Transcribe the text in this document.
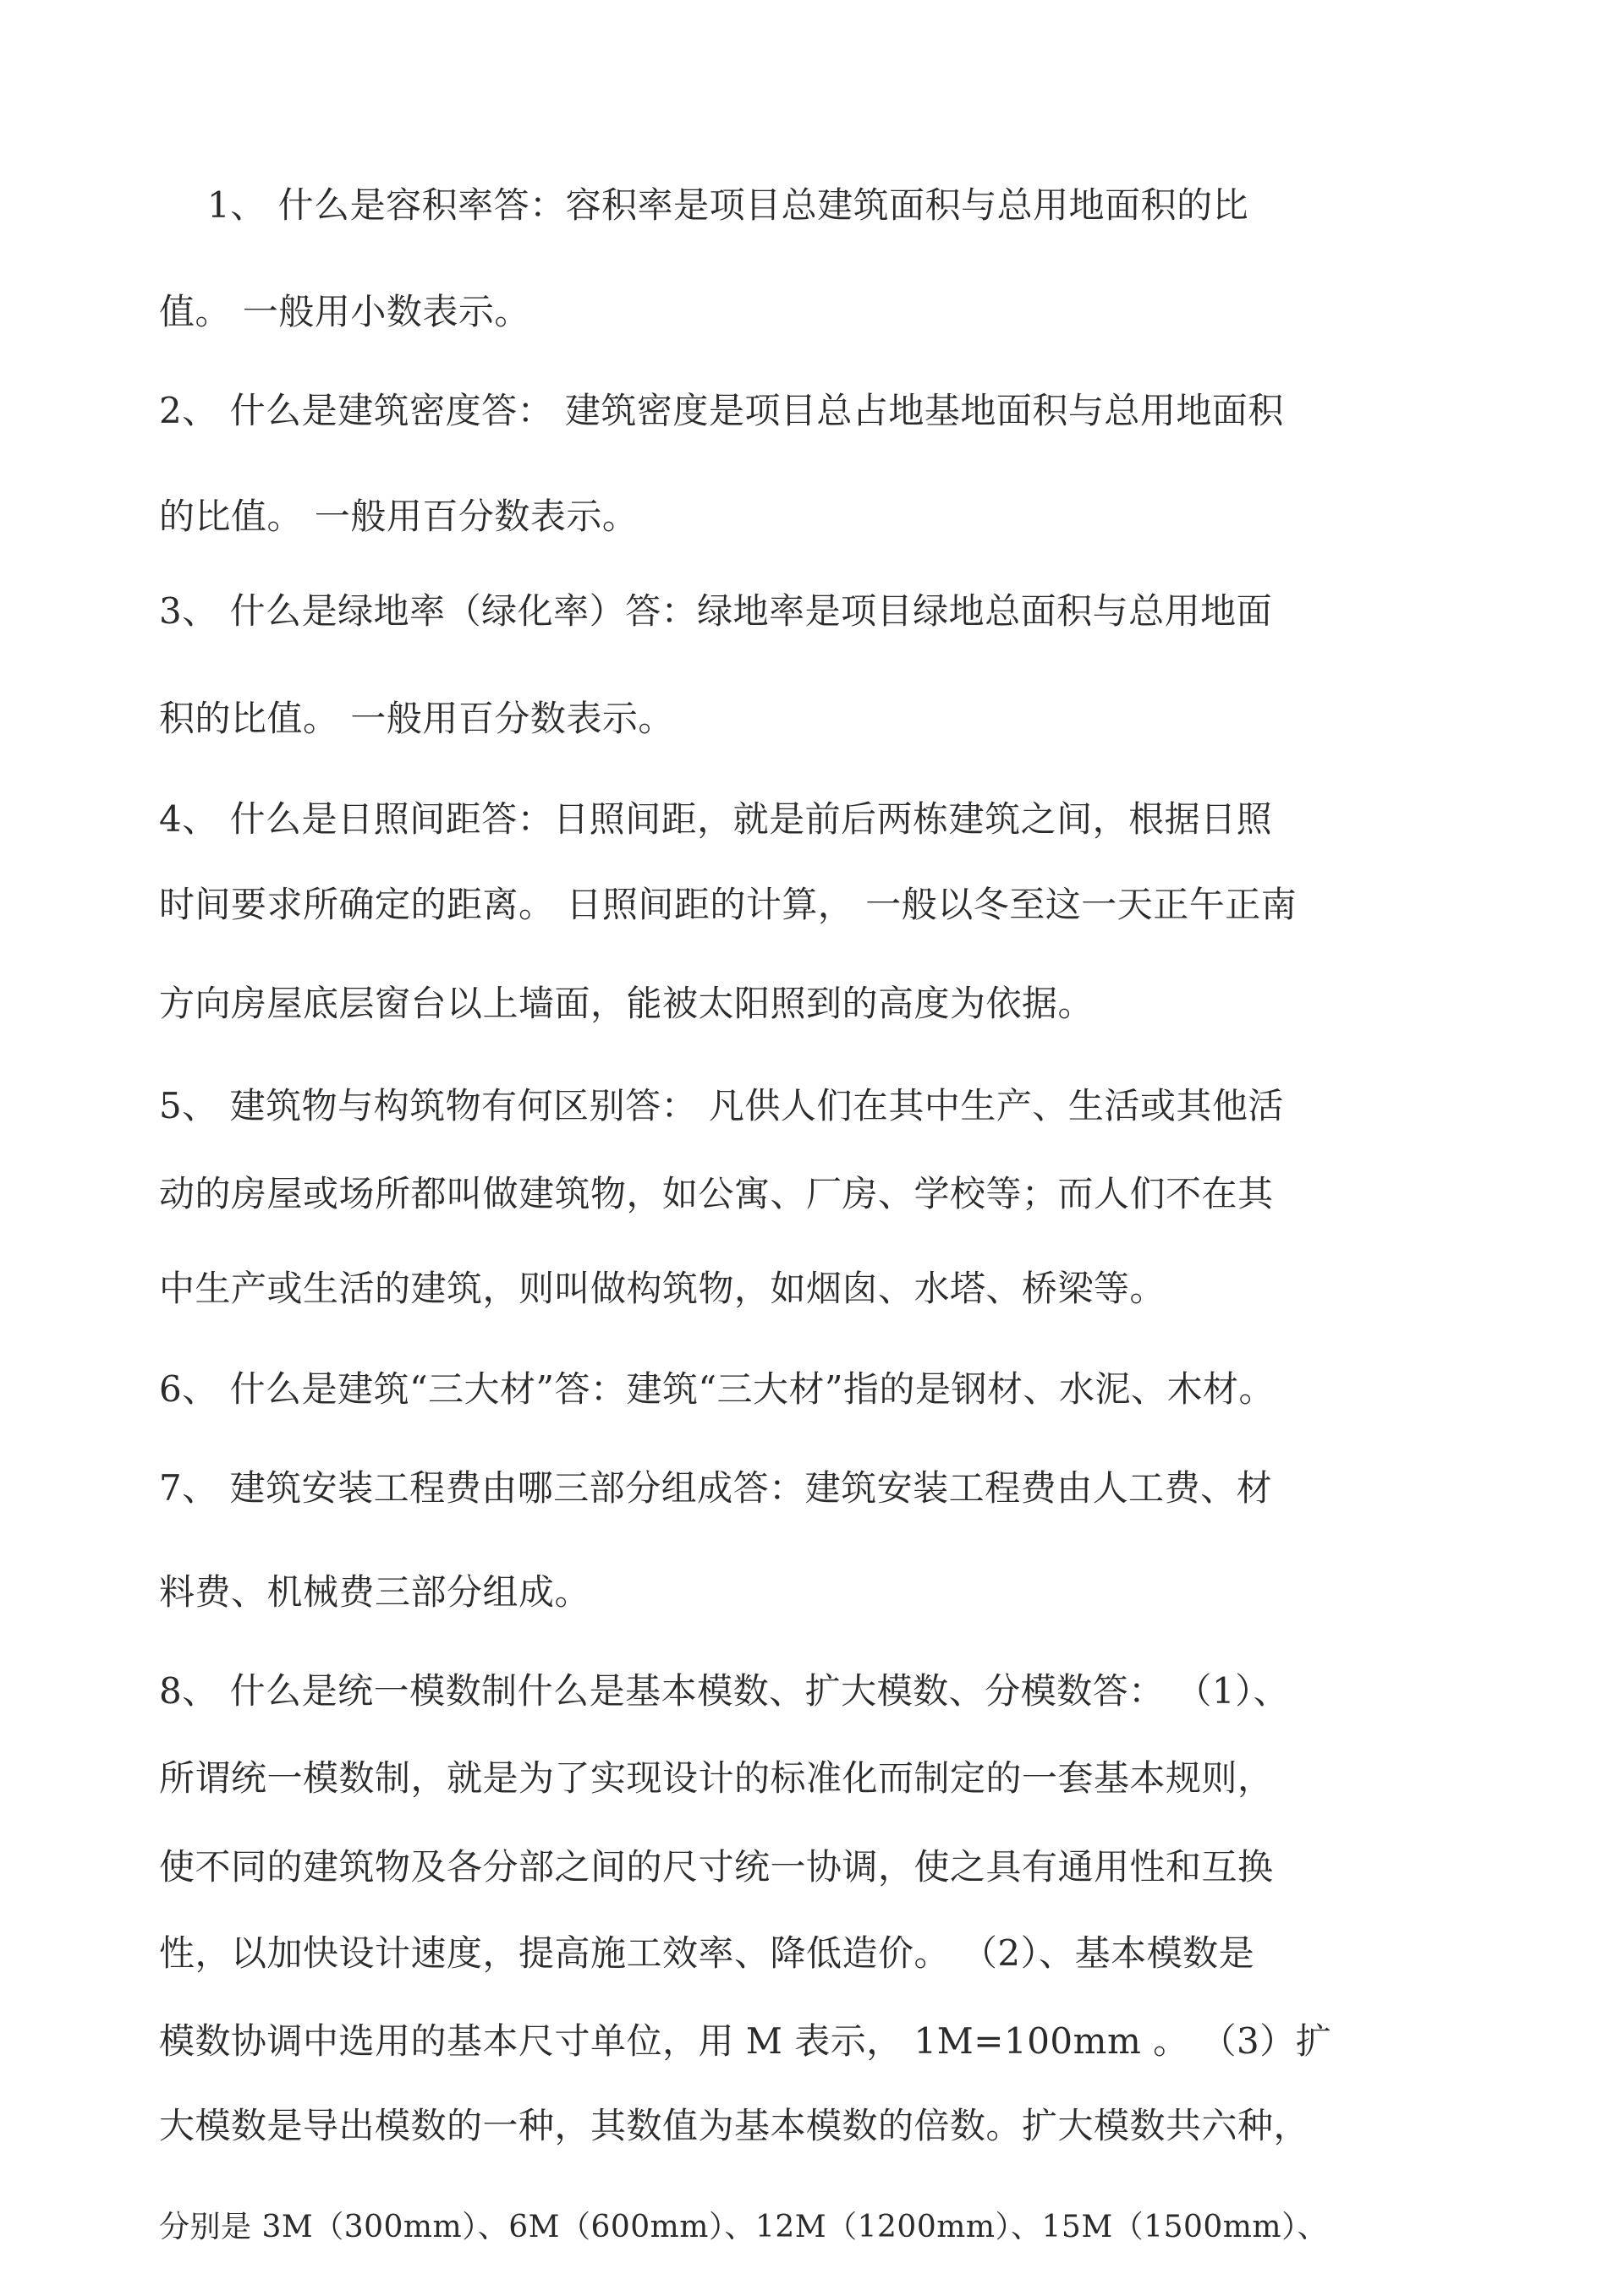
1、 什么是容积率答：容积率是项目总建筑面积与总用地面积的比
值。 一般用小数表示。
2、 什么是建筑密度答： 建筑密度是项目总占地基地面积与总用地面积
的比值。 一般用百分数表示。
3、 什么是绿地率（绿化率）答：绿地率是项目绿地总面积与总用地面
积的比值。 一般用百分数表示。
4、 什么是日照间距答：日照间距，就是前后两栋建筑之间，根据日照
时间要求所确定的距离。 日照间距的计算， 一般以冬至这一天正午正南
方向房屋底层窗台以上墙面，能被太阳照到的高度为依据。
5、 建筑物与构筑物有何区别答： 凡供人们在其中生产、生活或其他活
动的房屋或场所都叫做建筑物，如公寓、厂房、学校等；而人们不在其
中生产或生活的建筑，则叫做构筑物，如烟囱、水塔、桥梁等。
6、 什么是建筑“三大材”答：建筑“三大材”指的是钢材、水泥、木材。
7、 建筑安装工程费由哪三部分组成答：建筑安装工程费由人工费、材
料费、机械费三部分组成。
8、 什么是统一模数制什么是基本模数、扩大模数、分模数答： （1）、
所谓统一模数制，就是为了实现设计的标准化而制定的一套基本规则，
使不同的建筑物及各分部之间的尺寸统一协调，使之具有通用性和互换
性，以加快设计速度，提高施工效率、降低造价。 （2）、基本模数是
模数协调中选用的基本尺寸单位，用 M 表示， 1M=100mm 。 （3）扩
大模数是导出模数的一种，其数值为基本模数的倍数。扩大模数共六种，
分别是 3M（300mm）、6M（600mm）、12M（1200mm）、15M（1500mm）、
